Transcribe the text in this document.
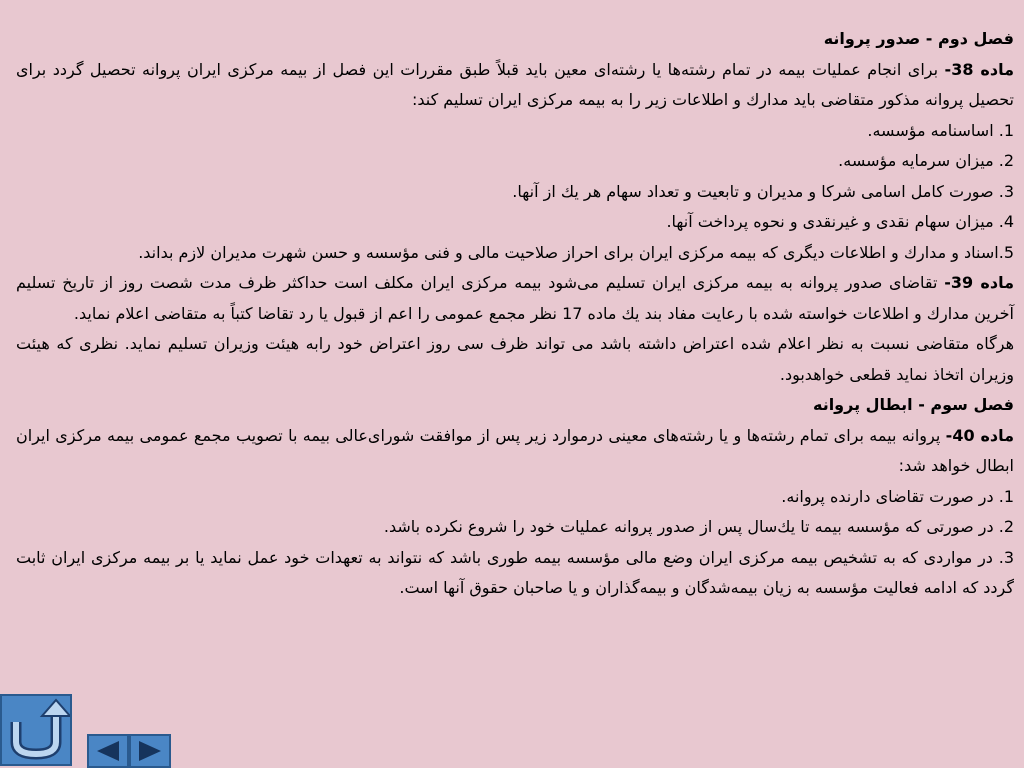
فصل دوم - صدور پروانه

ماده 38- برای انجام عملیات بیمه در تمام رشته‌ها یا رشته‌ای معین باید قبلاً طبق مقررات این فصل از بیمه مرکزی ایران پروانه تحصیل گردد برای تحصیل پروانه مذکور متقاضی باید مدارك و اطلاعات زیر را به بیمه مرکزی ایران تسلیم کند:

1. اساسنامه مؤسسه.

2. میزان سرمایه مؤسسه.

3. صورت کامل اسامی شرکا و مدیران و تابعیت و تعداد سهام هر یك از آنها.

4. میزان سهام نقدی و غیرنقدی و نحوه پرداخت آنها.

5.اسناد و مدارك و اطلاعات دیگری كه بیمه مركزی ایران برای احراز صلاحیت مالی و فنی مؤسسه و حسن شهرت مدیران لازم بداند.

ماده 39- تقاضای صدور پروانه به بیمه مرکزی ایران تسلیم می‌شود بیمه مرکزی ایران مکلف است حداکثر ظرف مدت شصت روز از تاریخ تسلیم آخرین مدارك و اطلاعات خواسته شده با رعایت مفاد بند یك ماده 17 نظر مجمع عمومی را اعم از قبول یا رد تقاضا کتباً به متقاضی اعلام نماید.

هرگاه متقاضی نسبت به نظر اعلام شده اعتراض داشته باشد می تواند ظرف سی روز اعتراض خود رابه هیئت وزیران تسلیم نماید. نظری که هیئت وزیران اتخاذ نماید قطعی خواهدبود.

فصل سوم - ابطال پروانه

ماده 40- پروانه بیمه برای تمام رشته‌ها و یا رشته‌های معینی درموارد زیر پس از موافقت شورای‌عالی بیمه با تصویب مجمع عمومی بیمه مرکزی ایران ابطال خواهد شد:

1. در صورت تقاضای دارنده پروانه.

2. در صورتی که مؤسسه بیمه تا یك‌سال پس از صدور پروانه عملیات خود را شروع نکرده باشد.

3. در مواردی که به تشخیص بیمه مرکزی ایران وضع مالی مؤسسه بیمه طوری باشد که نتواند به تعهدات خود عمل نماید یا بر بیمه مرکزی ایران ثابت گردد که ادامه فعالیت مؤسسه به زیان بیمه‌شدگان و بیمه‌گذاران و یا صاحبان حقوق آنها است.
